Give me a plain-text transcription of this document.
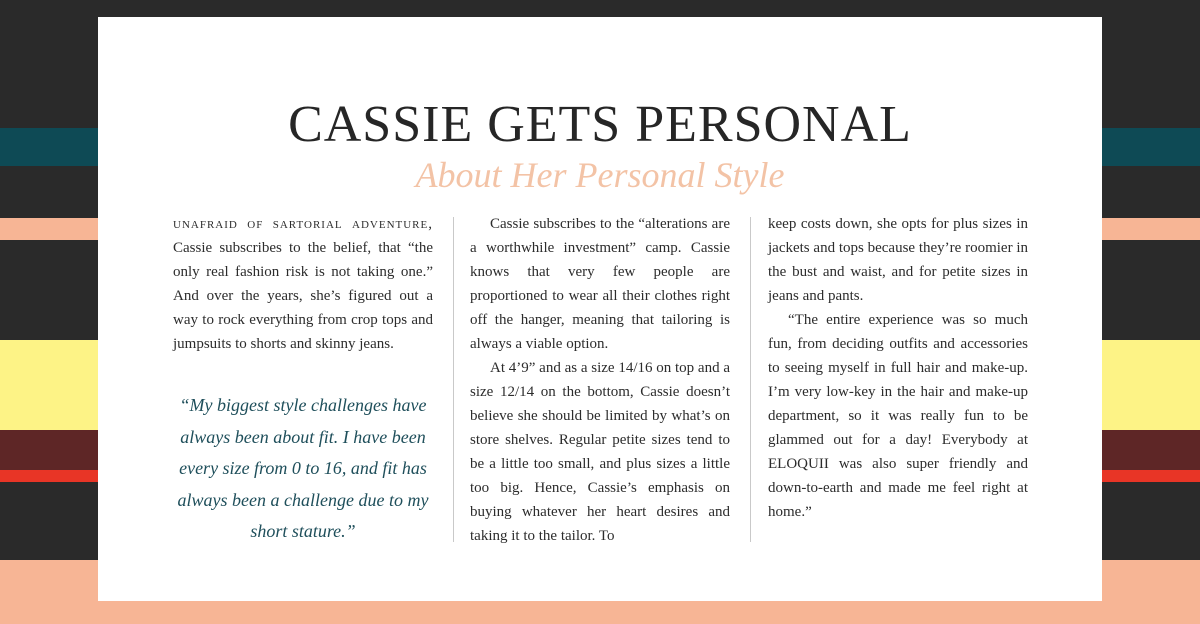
CASSIE GETS PERSONAL
About Her Personal Style

unafraid of sartorial adventure, Cassie subscribes to the belief, that “the only real fashion risk is not taking one.” And over the years, she’s figured out a way to rock everything from crop tops and jumpsuits to shorts and skinny jeans.

“My biggest style challenges have always been about fit. I have been every size from 0 to 16, and fit has always been a challenge due to my short stature.”

Cassie subscribes to the “alterations are a worthwhile investment” camp. Cassie knows that very few people are proportioned to wear all their clothes right off the hanger, meaning that tailoring is always a viable option.

At 4’9” and as a size 14/16 on top and a size 12/14 on the bottom, Cassie doesn’t believe she should be limited by what’s on store shelves. Regular petite sizes tend to be a little too small, and plus sizes a little too big. Hence, Cassie’s emphasis on buying whatever her heart desires and taking it to the tailor. To

keep costs down, she opts for plus sizes in jackets and tops because they’re roomier in the bust and waist, and for petite sizes in jeans and pants.

“The entire experience was so much fun, from deciding outfits and accessories to seeing myself in full hair and make-up. I’m very low-key in the hair and make-up department, so it was really fun to be glammed out for a day! Everybody at ELOQUII was also super friendly and down-to-earth and made me feel right at home.”
